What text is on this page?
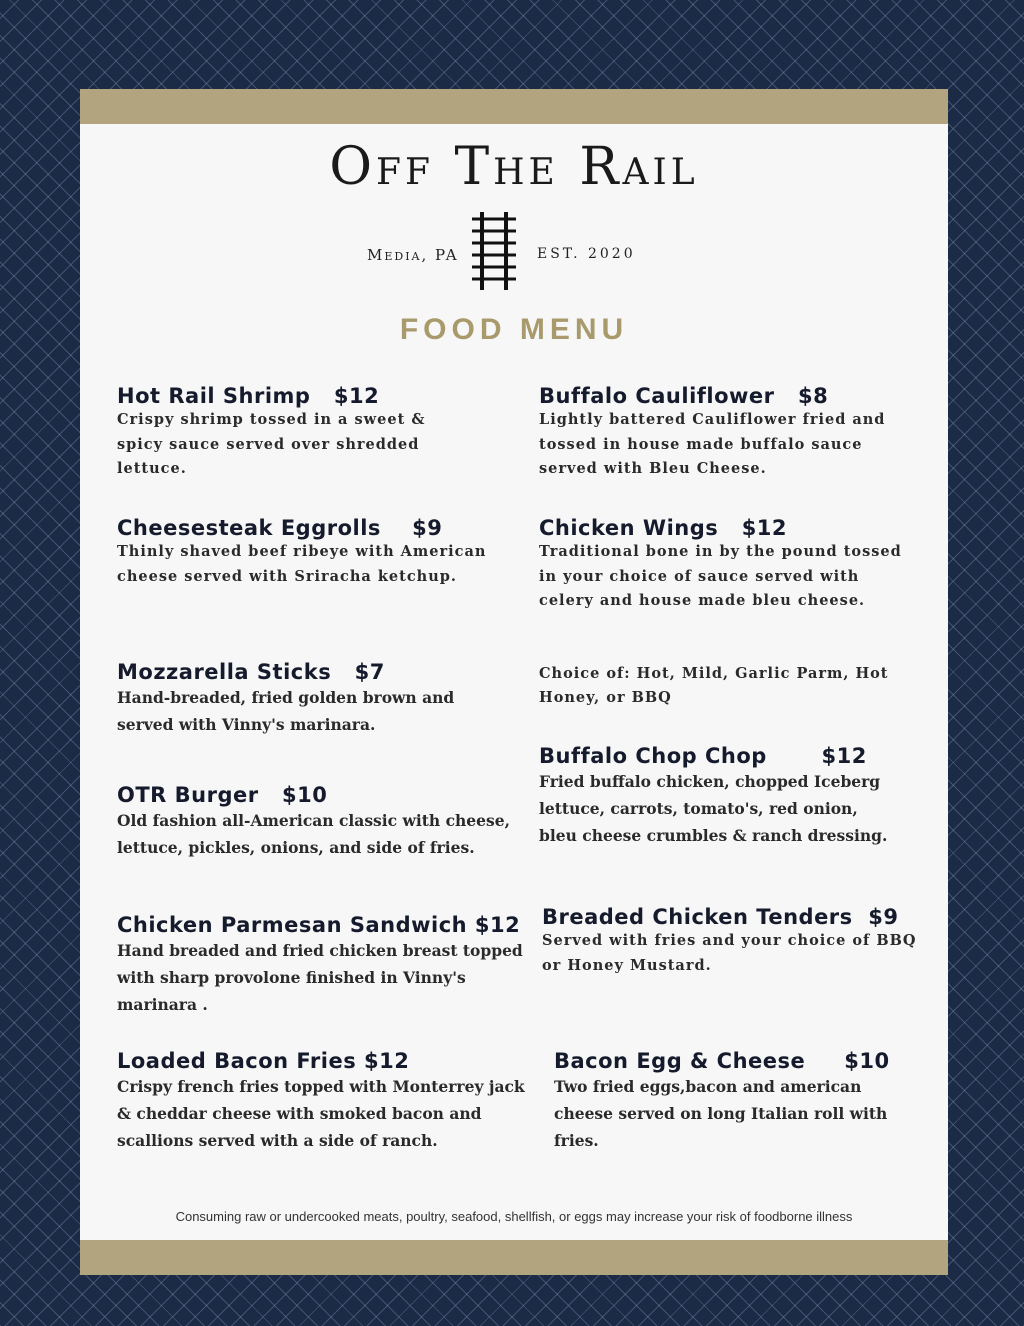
Off The Rail
Media, PA	EST. 2020
FOOD MENU
Hot Rail Shrimp   $12
Crispy shrimp tossed in a sweet & spicy sauce served over shredded lettuce.
Cheesesteak Eggrolls    $9
Thinly shaved beef ribeye with American cheese served with Sriracha ketchup.
Mozzarella Sticks   $7
Hand-breaded, fried golden brown and served with Vinny's marinara.
OTR Burger   $10
Old fashion all-American classic with cheese, lettuce, pickles, onions, and side of fries.
Chicken Parmesan Sandwich $12
Hand breaded and fried chicken breast topped with sharp provolone finished in Vinny's marinara .
Loaded Bacon Fries $12
Crispy french fries topped with Monterrey jack & cheddar cheese with smoked bacon and scallions served with a side of ranch.
Buffalo Cauliflower   $8
Lightly battered Cauliflower fried and tossed in house made buffalo sauce served with Bleu Cheese.
Chicken Wings   $12
Traditional bone in by the pound tossed in your choice of sauce served with celery and house made bleu cheese.
Choice of: Hot, Mild, Garlic Parm, Hot Honey, or BBQ
Buffalo Chop Chop       $12
Fried buffalo chicken, chopped Iceberg lettuce, carrots, tomato's, red onion, bleu cheese crumbles & ranch dressing.
Breaded Chicken Tenders  $9
Served with fries and your choice of BBQ or Honey Mustard.
Bacon Egg & Cheese     $10
Two fried eggs,bacon and american cheese served on long Italian roll with fries.
Consuming raw or undercooked meats, poultry, seafood, shellfish, or eggs may increase your risk of foodborne illness
